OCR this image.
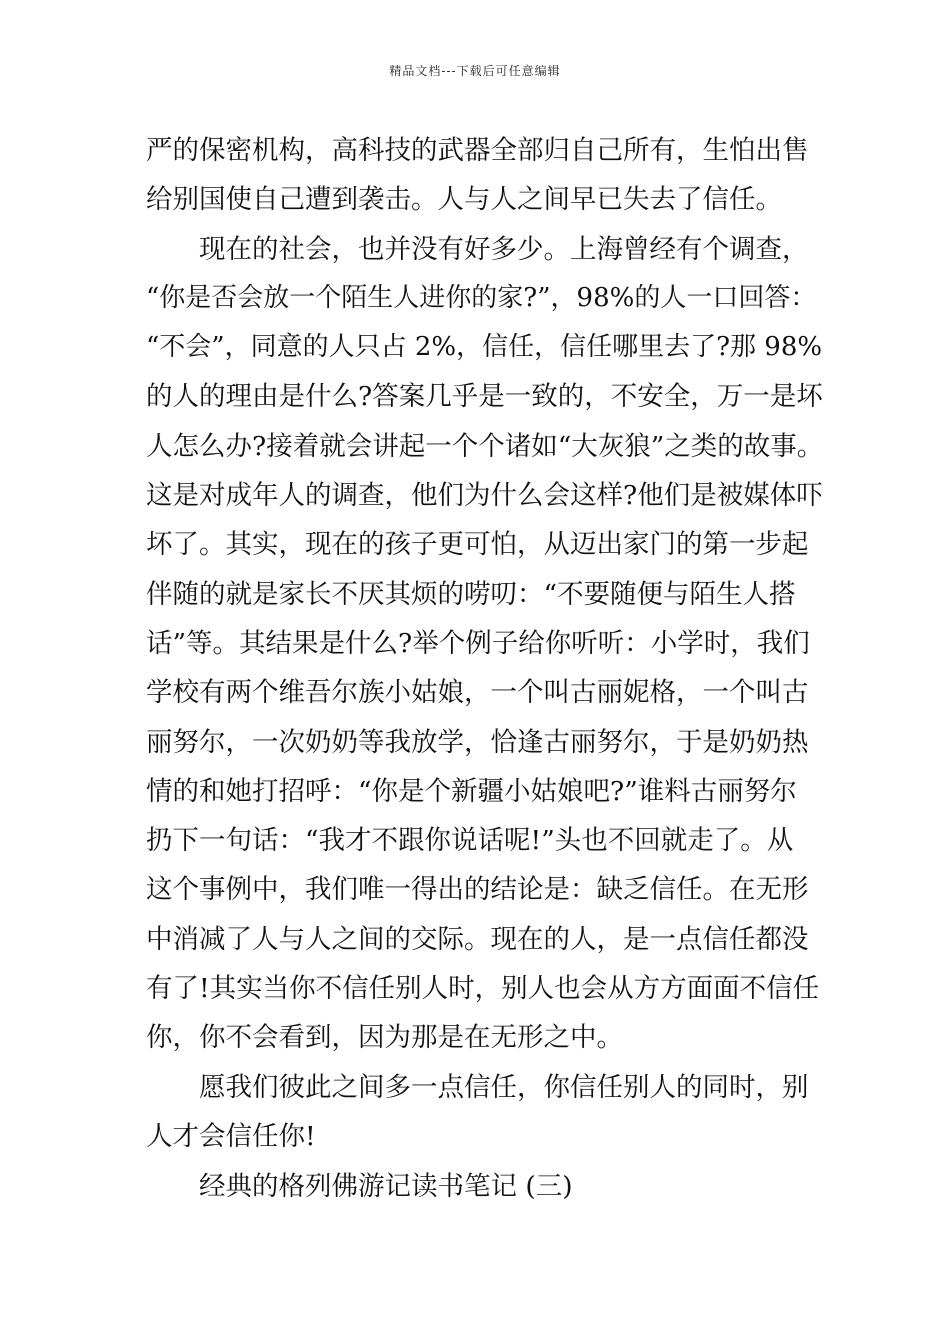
精品文档---下载后可任意编辑
严的保密机构，高科技的武器全部归自己所有，生怕出售
给别国使自己遭到袭击。人与人之间早已失去了信任。
现在的社会，也并没有好多少。上海曾经有个调查，
“你是否会放一个陌生人进你的家?”，98%的人一口回答：
“不会”，同意的人只占 2%，信任，信任哪里去了?那 98%
的人的理由是什么?答案几乎是一致的，不安全，万一是坏
人怎么办?接着就会讲起一个个诸如“大灰狼”之类的故事。
这是对成年人的调查，他们为什么会这样?他们是被媒体吓
坏了。其实，现在的孩子更可怕，从迈出家门的第一步起
伴随的就是家长不厌其烦的唠叨：“不要随便与陌生人搭
话”等。其结果是什么?举个例子给你听听：小学时，我们
学校有两个维吾尔族小姑娘，一个叫古丽妮格，一个叫古
丽努尔，一次奶奶等我放学，恰逢古丽努尔，于是奶奶热
情的和她打招呼：“你是个新疆小姑娘吧?”谁料古丽努尔
扔下一句话：“我才不跟你说话呢!”头也不回就走了。从
这个事例中，我们唯一得出的结论是：缺乏信任。在无形
中消减了人与人之间的交际。现在的人，是一点信任都没
有了!其实当你不信任别人时，别人也会从方方面面不信任
你，你不会看到，因为那是在无形之中。
愿我们彼此之间多一点信任，你信任别人的同时，别
人才会信任你!
经典的格列佛游记读书笔记 (三)
